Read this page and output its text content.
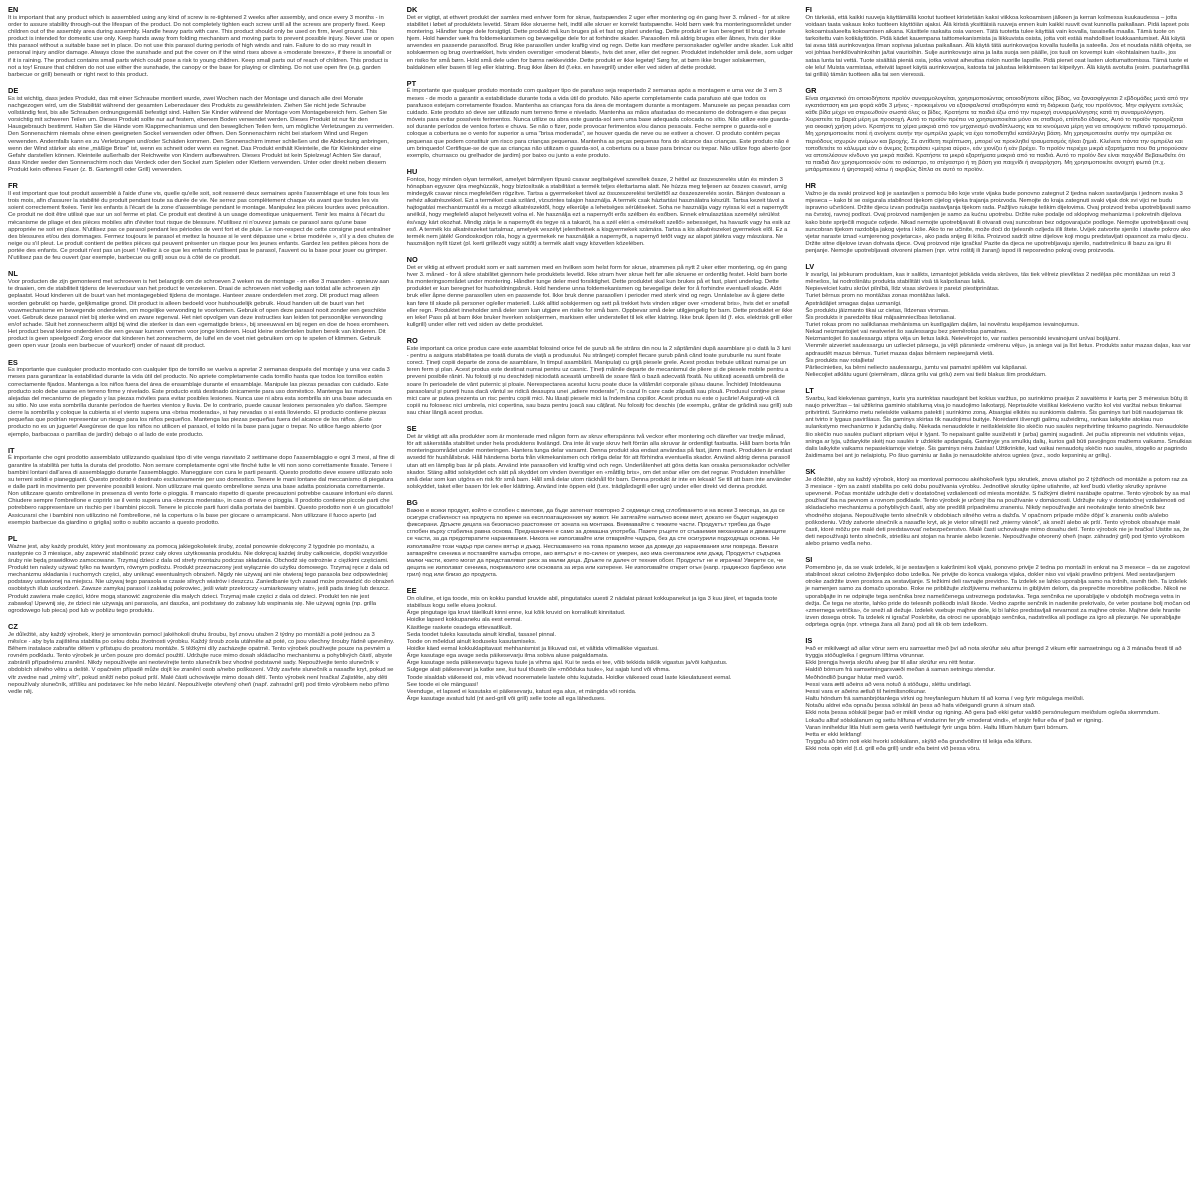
EN

It is important that any product which is assembled using any kind of screw is re-tightened 2 weeks after assembly, and once every 3 months - in order to assure stability through-out the lifespan of the product. Do not completely tighten each screw until all the screws are properly fixed. Keep children out of the assembly area during assembly. Handle heavy parts with care. This product should only be used on firm, level ground. This product is intended for domestic use only. Keep hands away from folding mechanism and moving parts to prevent possible injury. Never use or open this parasol without a suitable base set in place. Do not use this parasol during periods of high winds and rain. Failure to do so may result in personal injury and/or damage. Always close the sunshade and put the cover on if the wind rises above a «moderate breeze», if there is snowfall or if it is raining. The product contains small parts which could pose a risk to young children. Keep small parts out of reach of children. This product is not a toy! Ensure that children do not use either the sunshade, the canopy or the base for playing or climbing. Do not use open fire (e.g. garden barbecue or grill) beneath or right next to this product.

DE

Es ist wichtig, dass jedes Produkt, das mit einer Schraube montiert wurde, zwei Wochen nach der Montage und danach alle drei Monate nachgezogen wird, um die Stabilität während der gesamten Lebensdauer des Produkts zu gewährleisten. Ziehen Sie nicht jede Schraube vollständig fest, bis alle Schrauben ordnungsgemäß befestigt sind. Halten Sie Kinder während der Montage vom Montagebereich fern. Gehen Sie vorsichtig mit schweren Teilen um. Dieses Produkt sollte nur auf festem, ebenem Boden verwendet werden. Dieses Produkt ist nur für den Hausgebrauch bestimmt. Halten Sie die Hände vom Klappmechanismus und den beweglichen Teilen fern, um mögliche Verletzungen zu vermeiden. Den Sonnenschirm niemals ohne einen geeigneten Sockel verwenden oder öffnen. Den Sonnenschirm nicht bei starkem Wind und Regen verwenden. Andernfalls kann es zu Verletzungen und/oder Schäden kommen. Den Sonnenschirm immer schließen und die Abdeckung anbringen, wenn der Wind stärker als eine „mäßige Brise" ist, wenn es schneit oder wenn es regnet. Das Produkt enthält Kleinteile, die für Kleinkinder eine Gefahr darstellen können. Kleinteile außerhalb der Reichweite von Kindern aufbewahren. Dieses Produkt ist kein Spielzeug! Achten Sie darauf, dass Kinder weder den Sonnenschirm noch das Verdeck oder den Sockel zum Spielen oder Klettern verwenden. Unter oder direkt neben diesem Produkt kein offenes Feuer (z. B. Gartengrill oder Grill) verwenden.

FR

Il est important que tout produit assemblé à l'aide d'une vis, quelle qu'elle soit, soit resserré deux semaines après l'assemblage et une fois tous les trois mois, afin d'assurer la stabilité du produit pendant toute sa durée de vie. Ne serrez pas complètement chaque vis avant que toutes les vis soient correctement fixées. Tenir les enfants à l'écart de la zone d'assemblage pendant le montage. Manipulez les pièces lourdes avec précaution. Ce produit ne doit être utilisé que sur un sol ferme et plat. Ce produit est destiné à un usage domestique uniquement. Tenir les mains à l'écart du mécanisme de pliage et des pièces mobiles afin d'éviter tout risque de blessure. N'utilisez ni n'ouvrez jamais ce parasol sans qu'une base appropriée ne soit en place. N'utilisez pas ce parasol pendant les périodes de vent fort et de pluie. Le non-respect de cette consigne peut entraîner des blessures et/ou des dommages. Fermez toujours le parasol et mettez la housse si le vent dépasse une « brise modérée », s'il y a des chutes de neige ou s'il pleut. Le produit contient de petites pièces qui peuvent présenter un risque pour les jeunes enfants. Gardez les petites pièces hors de portée des enfants. Ce produit n'est pas un jouet ! Veillez à ce que les enfants n'utilisent pas le parasol, l'auvent ou la base pour jouer ou grimper. N'utilisez pas de feu ouvert (par exemple, barbecue ou grill) sous ou à côté de ce produit.

NL

Voor producten die zijn gemonteerd met schroeven is het belangrijk om de schroeven 2 weken na de montage - en elke 3 maanden - opnieuw aan te draaien, om de stabiliteit tijdens de levensduur van het product te verzekeren. Draai de schroeven niet volledig aan totdat alle schroeven zijn geplaatst. Houd kinderen uit de buurt van het montagegebied tijdens de montage. Hanteer zware onderdelen met zorg. Dit product mag alleen worden gebruikt op harde, gelijkmatige grond. Dit product is alleen bedoeld voor huishoudelijk gebruik. Houd handen uit de buurt van het vouwmechanisme en bewegende onderdelen, om mogelijke verwonding te voorkomen. Gebruik of open deze parasol nooit zonder een geschikte voet. Gebruik deze parasol niet bij sterke wind en zware regenval. Het niet opvolgen van deze instructies kan leiden tot persoonlijke verwonding en/of schade. Sluit het zonnescherm altijd bij wind die sterker is dan een «gematigde bries», bij sneeuwval en bij regen en doe de hoes eromheen. Het product bevat kleine onderdelen die een gevaar kunnen vormen voor jonge kinderen. Houd kleine onderdelen buiten bereik van kinderen. Dit product is geen speelgoed! Zorg ervoor dat kinderen het zonnescherm, de luifel en de voet niet gebruiken om op te spelen of klimmen. Gebruik geen open vuur (zoals een barbecue of vuurkorf) onder of naast dit product.

ES

Es importante que cualquier producto montado con cualquier tipo de tornillo se vuelva a apretar 2 semanas después del montaje y una vez cada 3 meses para garantizar la estabilidad durante la vida útil del producto. No apriete completamente cada tornillo hasta que todos los tornillos estén correctamente fijados. Mantenga a los niños fuera del área de ensamblaje durante el ensamblaje. Manipule las piezas pesadas con cuidado. Este producto solo debe usarse en terreno firme y nivelado. Este producto está destinado únicamente para uso doméstico. Mantenga las manos alejadas del mecanismo de plegado y las piezas móviles para evitar posibles lesiones. Nunca use ni abra esta sombrilla sin una base adecuada en su sitio. No use esta sombrilla durante períodos de fuertes vientos y lluvia. De lo contrario, puede causar lesiones personales y/o daños. Siempre cierre la sombrilla y coloque la cubierta si el viento supera una «brisa moderada», si hay nevadas o si está lloviendo. El producto contiene piezas pequeñas que podrían representar un riesgo para los niños pequeños. Mantenga las piezas pequeñas fuera del alcance de los niños. ¡Este producto no es un juguete! Asegúrese de que los niños no utilicen el parasol, el toldo ni la base para jugar o trepar. No utilice fuego abierto (por ejemplo, barbacoas o parrillas de jardín) debajo o al lado de este producto.

IT

È importante che ogni prodotto assemblato utilizzando qualsiasi tipo di vite venga riavvitato 2 settimane dopo l'assemblaggio e ogni 3 mesi, al fine di garantire la stabilità per tutta la durata del prodotto. Non serrare completamente ogni vite finché tutte le viti non sono correttamente fissate. Tenere i bambini lontani dall'area di assemblaggio durante l'assemblaggio. Maneggiare con cura le parti pesanti. Questo prodotto deve essere utilizzato solo su terreni solidi e pianeggianti. Questo prodotto è destinato esclusivamente per uso domestico. Tenere le mani lontane dal meccanismo di piegatura e dalle parti in movimento per prevenire possibili lesioni. Non utilizzare mai questo ombrellone senza una base adatta posizionata correttamente. Non utilizzare questo ombrellone in presenza di vento forte o pioggia. Il mancato rispetto di queste precauzioni potrebbe causare infortuni e/o danni. Chiudere sempre l'ombrellone e coprirlo se il vento supera una «brezza moderata», in caso di neve o pioggia. Il prodotto contiene piccole parti che potrebbero rappresentare un rischio per i bambini piccoli. Tenere le piccole parti fuori dalla portata dei bambini. Questo prodotto non è un giocattolo! Assicurarsi che i bambini non utilizzino né l'ombrellone, né la copertura o la base per giocare o arrampicarsi. Non utilizzare il fuoco aperto (ad esempio barbecue da giardino o griglia) sotto o subito accanto a questo prodotto.

PL

Ważne jest, aby każdy produkt, który jest montowany za pomocą jakiegokolwiek śruby, został ponownie dokręcony 2 tygodnie po montażu, a następnie co 3 miesiące, aby zapewnić stabilność przez cały okres użytkowania produktu. Nie dokręcaj każdej śruby całkowicie, dopóki wszystkie śruby nie będą prawidłowo zamocowane. Trzymaj dzieci z dala od strefy montażu podczas składania. Obchodź się ostrożnie z ciężkimi częściami. Produkt ten należy używać tylko na twardym, równym podłożu. Produkt przeznaczony jest wyłącznie do użytku domowego. Trzymaj ręce z dala od mechanizmu składania i ruchomych części, aby uniknąć ewentualnych obrażeń. Nigdy nie używaj ani nie otwieraj tego parasola bez odpowiedniej podstawy ustawionej na miejscu. Nie używaj tego parasola w czasie silnych wiatrów i deszczu. Zaniedbanie tych zasad może prowadzić do obrażeń osobistych i/lub uszkodzeń. Zawsze zamykaj parasol i zakładaj pokrowiec, jeśli wiatr przekroczy «umiarkowany wiatr», jeśli pada śnieg lub deszcz. Produkt zawiera małe części, które mogą stanowić zagrożenie dla małych dzieci. Trzymaj małe części z dala od dzieci. Produkt ten nie jest zabawką! Upewnij się, że dzieci nie używają ani parasola, ani daszka, ani podstawy do zabawy lub wspinania się. Nie używaj ognia (np. grilla ogrodowego lub pieca) pod lub w pobliżu tego produktu.

CZ

Je důležité, aby každý výrobek, který je smontován pomocí jakéhokoli druhu šroubu, byl znovu utažen 2 týdny po montáži a poté jednou za 3 měsíce - aby byla zajištěna stabilita po celou dobu životnosti výrobku. Každý šroub zcela utáhněte až poté, co jsou všechny šrouby řádně upevněny. Během instalace zabraňte dětem v přístupu do prostoru montáže. S těžkými díly zacházejte opatrně. Tento výrobek používejte pouze na pevném a rovném podkladu. Tento výrobek je určen pouze pro domácí použití. Udržujte ruce mimo dosah skládacího mechanismu a pohyblivých částí, abyste zabránili případnému zranění. Nikdy nepoužívejte ani neotevírejte tento slunečník bez vhodné podstavné sady. Nepoužívejte tento slunečník v obdobích silného větru a deště. V opačném případě může dojít ke zranění osob a/nebo poškození. Vždy zavřete slunečník a nasaďte kryt, pokud se vítr zvedne nad „mírný vítr", pokud sněží nebo pokud prší. Malé části uchovávejte mimo dosah dětí. Tento výrobek není hračka! Zajistěte, aby děti nepoužívaly slunečník, stříšku ani podstavec ke hře nebo lézání. Nepoužívejte otevřený oheň (např. zahradní gril) pod tímto výrobkem nebo přímo vedle něj.

DK

Det er vigtigt, at ethvert produkt der samles med enhver form for skrue, fastspændes 2 uger efter montering og én gang hver 3. måned - for at sikre stabilitet i løbet af produktets levetid. Stram ikke skruerne helt, indtil alle skruer er korrekt fastspændte. Hold børn væk fra monteringsområdet under montering. Håndter tunge dele forsigtigt. Dette produkt må kun bruges på et fast og plant underlag. Dette produkt er kun beregnet til brug i private hjem. Hold hænder væk fra foldemekanismen og bevægelige dele for at forhindre skader. Parasollen må aldrig bruges eller åbnes, hvis der ikke anvendes en passende parasolfod. Brug ikke parasollen under kraftig vind og regn. Dette kan medføre personskader og/eller andre skader. Luk altid solskærmen og brug overtrækket, hvis vinden overstiger «moderat blæst», hvis det sner, eller det regner. Produktet indeholder små dele, som udgør en risiko for små børn. Hold små dele uden for børns rækkevidde. Dette produkt er ikke legetøj! Sørg for, at børn ikke bruger solskærmen, baldakinen eller basen til leg eller klatring. Brug ikke åben ild (f.eks. en havegrill) under eller ved siden af dette produkt.

PT

É importante que qualquer produto montado com qualquer tipo de parafuso seja reapertado 2 semanas após a montagem e uma vez de 3 em 3 meses - de modo a garantir a estabilidade durante toda a vida útil do produto. Não aperte completamente cada parafuso até que todos os parafusos estejam corretamente fixados. Mantenha as crianças fora da área de montagem durante a montagem. Manuseie as peças pesadas com cuidado. Este produto só deve ser utilizado num terreno firme e nivelado. Mantenha as mãos afastadas do mecanismo de dobragem e das peças móveis para evitar possíveis ferimentos. Nunca utilize ou abra este guarda-sol sem uma base adequada colocada no sítio. Não utilize este guarda-sol durante períodos de ventos fortes e chuva. Se não o fizer, pode provocar ferimentos e/ou danos pessoais. Feche sempre o guarda-sol e coloque a cobertura se o vento for superior a uma "brisa moderada", se houver queda de neve ou se estiver a chover. O produto contém peças pequenas que podem constituir um risco para crianças pequenas. Mantenha as peças pequenas fora do alcance das crianças. Este produto não é um brinquedo! Certifique-se de que as crianças não utilizam o guarda-sol, a cobertura ou a base para brincar ou trepar. Não utilize fogo aberto (por exemplo, churrasco ou grelhador de jardim) por baixo ou junto a este produto.

HU

Fontos, hogy minden olyan terméket, amelyet bármilyen típusú csavar segítségével szereltek össze, 2 héttel az összeszerelés után és minden 3 hónapban egyszer újra meghúzzák, hogy biztosítsák a stabilitást a termék teljes élettartama alatt. Ne húzza meg teljesen az összes csavart, amíg mindegyik csavar nincs megfelelően rögzítve. Tartsa a gyermekeket távol az összeszerelési területtől az összeszerelés során. Bánjon óvatosan a nehéz alkatrészekkel. Ezt a terméket csak szilárd, vízszintes talajon használja. A termék csak háztartási használatra készült. Tartsa kezeit távol a hajtogatási mechanizmustól és a mozgó alkatrészektől, hogy elkerülje a lehetséges sérüléseket. Soha ne használja vagy nyissa ki ezt a napernyőt anélkül, hogy megfelelő alapot helyezett volna el. Ne használja ezt a napernyőt erős szélben és esőben. Ennek elmulasztása személyi sérülést és/vagy kárt okozhat. Mindig zárja le a napernyőt és tegye rá a takarót, ha a szél eléri a «mérsékelt szellő» sebességet, ha havazik vagy ha esik az eső. A termék kis alkatrészeket tartalmaz, amelyek veszélyt jelenthetnek a kisgyermekek számára. Tartsa a kis alkatrészeket gyermekek elől. Ez a termék nem játék! Gondoskodjon róla, hogy a gyermekek ne használják a napernyőt, a napernyő tetőt vagy az alapot játékra vagy mászásra. Ne használjon nyílt tüzet (pl. kerti grillezőt vagy sütőt) a termék alatt vagy közvetlen közelében.

NO

Det er viktig at ethvert produkt som er satt sammen med en hvilken som helst form for skrue, strammes på nytt 2 uker etter montering, og én gang hver 3. måned - for å sikre stabilitet gjennom hele produktets levetid. Ikke stram hver skrue helt før alle skruene er ordentlig festet. Hold barn borte fra monteringsområdet under montering. Håndter tunge deler med forsiktighet. Dette produktet skal kun brukes på et fast, plant underlag. Dette produktet er kun beregnet for husholdningsbruk. Hold hendene unna foldemekanismen og bevegelige deler for å forhindre eventuell skade. Aldri bruk eller åpne denne parasollen uten en passende fot. Ikke bruk denne parasollen i perioder med sterk vind og regn. Unnlatelse av å gjøre dette kan føre til skade på personer og/eller materiell. Lukk alltid solskjermen og sett på trekket hvis vinden stiger over «moderat bris», hvis det er snøfall eller regn. Produktet inneholder små deler som kan utgjøre en risiko for små barn. Oppbevar små deler utilgjengelig for barn. Dette produktet er ikke en leke! Pass på at barn ikke bruker hverken solskjermen, markisen eller understellet til lek eller klatring. Ikke bruk åpen ild (f. eks. elektrisk grill eller kullgrill) under eller rett ved siden av dette produktet.

RO

Este important ca orice produs care este asamblat folosind orice fel de șurub să fie strâns din nou la 2 săptămâni după asamblare și o dată la 3 luni - pentru a asigura stabilitatea pe toată durata de viață a produsului. Nu strângeți complet fiecare șurub până când toate șuruburile nu sunt fixate corect. Țineți copiii departe de zona de asamblare, în timpul asamblării. Manipulați cu grijă piesele grele. Acest produs trebuie utilizat numai pe un teren ferm și plan. Acest produs este destinat numai pentru uz casnic. Țineți mâinile departe de mecanismul de pliere și de piesele mobile pentru a preveni posibile răniri. Nu folosiți și nu deschideți niciodată această umbrelă de soare fără o bază adecvată fixată. Nu utilizați această umbrelă de soare în perioadele de vânt puternic și ploaie. Nerespectarea acestui lucru poate duce la vătămări corporale și/sau daune. Închideți întotdeauna parasolarul și puneți husa dacă vântul se ridică deasupra unei „adiere moderate", în cazul în care cade zăpadă sau plouă. Produsul conține piese mici care ar putea prezenta un risc pentru copiii mici. Nu lăsați piesele mici la îndemâna copiilor. Acest produs nu este o jucărie! Asigurați-vă că copiii nu folosesc nici umbrela, nici copertina, sau baza pentru joacă sau cățărat. Nu folosiți foc deschis (de exemplu, grătar de grădină sau grill) sub sau chiar lângă acest produs.

SE

Det är viktigt att alla produkter som är monterade med någon form av skruv efterspänns två veckor efter montering och därefter var tredje månad, för att säkerställa stabilitet under hela produktens livslängd. Dra inte åt varje skruv helt förrän alla skruvar är ordentligt fastsatta. Håll barn borta från monteringsområdet under monteringen. Hantera tunga delar varsamt. Denna produkt ska endast användas på fast, jämn mark. Produkten är endast avsedd för hushållsbruk. Håll händerna borta från vikmekanismen och rörliga delar för att förhindra eventuella skador. Använd aldrig denna parasoll utan att en lämplig bas är på plats. Använd inte parasollen vid kraftig vind och regn. Underlåtenhet att göra detta kan orsaka personskador och/eller skador. Stäng alltid solskyddet och sätt på skyddet om vinden överstiger en «måttlig bris», om det snöar eller om det regnar. Produkten innehåller små delar som kan utgöra en risk för små barn. Håll små delar utom räckhåll för barn. Denna produkt är inte en leksak! Se till att barn inte använder solskyddet, taket eller basen för lek eller klättring. Använd inte öppen eld (t.ex. trädgårdsgrill eller ugn) under eller direkt vid denna produkt.

BG

Важно е всеки продукт, който е сглобен с винтове, да бъде затегнат повторно 2 седмици след сглобяването и на всеки 3 месеца, за да се осигури стабилност на продукта по време на експлоатационния му живот. Не затягайте напълно всеки винт, докато не бъдат надеждно фиксирани. Дръжте децата на безопасно разстояние от зоната на монтажа. Внимавайте с тежките части. Продуктът трябва да бъде сглобен върху стабилна равна основа. Предназначен е само за домашна употреба. Пазете ръцете от сгъваемия механизъм и движещите се части, за да предотвратите наранявания. Никога не използвайте или отваряйте чадъра, без да сте осигурили подходяща основа. Не използвайте този чадър при силен вятър и дъжд. Неспазването на това правило може да доведе до наранявания или повреда. Винаги затваряйте сенника и поставяйте калъфа отгоре, ако вятърът е по-силен от умерен, ако има снеговалеж или дъжд. Продуктът съдържа малки части, които могат да представляват риск за малки деца. Дръжте ги далеч от техния обсег. Продуктът не е играчка! Уверете се, че децата не използват сенника, покривалото или основата за игра или катерене. Не използвайте открит огън (напр. градинско барбекю или грил) под или близо до продукта.

EE

On oluline, et iga toode, mis on kokku pandud kruvide abil, pingutataks uuesti 2 nädalat pärast kokkupanekut ja iga 3 kuu järel, et tagada toote stabiilsus kogu selle eluea jooksul.

Ärge pingutage iga kruvi täielikult kinni enne, kui kõik kruvid on korralikult kinnitatud.

Hoidke lapsed kokkupaneku ala eest eemal.

Käsitlege raskete osadega ettevaatlikult.

Seda toodet tuleks kasutada ainult kindlal, tasasel pinnal.

Toode on mõeldud ainult koduseks kasutamiseks.

Hoidke käed eemal kokkuklapitavast mehhanismist ja liikuvad osi, et vältida võimalikke vigastusi.

Ärge kasutage ega avage seda päikesevarju ilma sobiva aluse paigaldamata.

Ärge kasutage seda päikesevarju tugeva tuule ja vihma ajal. Kui te seda ei tee, võib tekkida isiklik vigastus ja/või kahjustus.

Sulgege alati päikesevari ja katke see, kui tuul tõuseb üle «mõõduka tuule», kui sajab lund või vihma.

Toode sisaldab väikeseid osi, mis võivad noorematele lastele ohtu kujutada. Hoidke väikesed osad laste käeulatusest eemal.

See toode ei ole mänguasi!

Veenduge, et lapsed ei kasutaks ei päikesevarju, katust ega alus, et mängida või ronida.

Ärge kasutage avatud tuld (nt aed-grill või grill) selle toote all ega läheduses.

FI

On tärkeää, että kaikki ruuveja käyttämällä kootut tuotteet kiristetään kaksi viikkoa kokoamisen jälkeen ja kerran kolmessa kuukaudessa – jotta voidaan taata vakaus koko tuotteen käyttöiän ajaksi. Älä kiristä yksittäisiä ruuveja ennen kuin kaikki ruuvit ovat kunnolla paikallaan. Pidä lapset pois kokoamisalueelta kokoamisen aikana. Käsittele raskaita osia varoen. Tätä tuotetta tulee käyttää vain kovalla, tasaisella maalla. Tämä tuote on tarkoitettu vain kotikäyttöön. Pidä kädet kauempana taittomekanismista ja liikkuvista osista, jotta voit estää mahdolliset loukkaantumiset. Älä käytä tai avaa tätä aurinkovarjoa ilman sopivaa jalustaa paikallaan. Älä käytä tätä aurinkovarjoa kovalla tuulella ja sateella. Jos et noudata näitä ohjeita, se voi johtaa henkilövahinkoihin ja/tai vaurioihin. Sulje aurinkovarjo aina ja laita suoja sen päälle, jos tuuli on kovempi kuin «kohtalainen tuuli», jos sataa lunta tai vettä. Tuote sisältää pieniä osia, jotka voivat aiheuttaa riskin nuorille lapsille. Pidä pienet osat lasten ulottumattomissa. Tämä tuote ei ole lelu! Muista varmistaa, etteivät lapset käytä aurinkovarjoa, katosta tai jalustaa leikkimiseen tai kiipeilyyn. Älä käytä avotulta (esim. puutarhagrilliä tai grilliä) tämän tuotteen alla tai sen vieressä.

GR

Είναι σημαντικό ότι οποιοδήποτε προϊόν συναρμολογείται, χρησιμοποιώντας οποιοδήποτε είδος βίδας, να ξανασφίγγεται 2 εβδομάδες μετά από την εγκατάσταση και μια φορά κάθε 3 μήνες - προκειμένου να εξασφαλιστεί σταθερότητα κατά τη διάρκεια ζωής του προϊόντος. Μην σφίγγετε εντελώς κάθε βίδα μέχρι να στερεωθούν σωστά όλες οι βίδες. Κρατήστε τα παιδιά έξω από την περιοχή συναρμολόγησης κατά τη συναρμολόγηση. Χειριστείτε τα βαριά μέρη με προσοχή. Αυτό το προϊόν πρέπει να χρησιμοποιείται μόνο σε σταθερό, επίπεδο έδαφος. Αυτό το προϊόν προορίζεται για οικιακή χρήση μόνο. Κρατήστε τα χέρια μακριά από τον μηχανισμό αναδίπλωσης και τα κινούμενα μέρη για να αποφύγετε πιθανό τραυματισμό. Μη χρησιμοποιείτε ποτέ ή ανοίγετε αυτήν την ομπρέλα χωρίς να έχει τοποθετηθεί κατάλληλη βάση. Μη χρησιμοποιείτε αυτήν την ομπρέλα σε περιόδους ισχυρών ανέμων και βροχής. Σε αντίθετη περίπτωση, μπορεί να προκληθεί τραυματισμός ή/και ζημιά. Κλείνετε πάντα την ομπρέλα και τοποθετείτε το κάλυμμα εάν ο άνεμος ξεπεράσει «μέτρια αύρα», εάν χιονίζει ή εάν βρέχει. Το προϊόν περιέχει μικρά εξαρτήματα που θα μπορούσαν να αποτελέσουν κίνδυνο για μικρά παιδιά. Κρατήστε τα μικρά εξαρτήματα μακριά από τα παιδιά. Αυτό το προϊόν δεν είναι παιχνίδι! Βεβαιωθείτε ότι τα παιδιά δεν χρησιμοποιούν ούτε το σκίαστρο, το στέγαστρο ή τη βάση για παιχνίδι ή αναρρίχηση. Μη χρησιμοποιείτε ανοιχτή φωτιά (π.χ. μπάρμπεκιου ή ψησταριά) κάτω ή ακριβώς δίπλα σε αυτό το προϊόν.

HR

Važno je da svaki proizvod koji je sastavljen s pomoću bilo koje vrste vijaka bude ponovno zategnut 2 tjedna nakon sastavljanja i jednom svaka 3 mjeseca – kako bi se osigurala stabilnost tijekom cijelog vijeka trajanja proizvoda. Nemojte do kraja zategnuti svaki vijak dok svi vijci ne budu ispravno učvršćeni. Držite djecu izvan područja sastavljanja tijekom rada. Pažljivo rukujte teškim dijelovima. Ovaj proizvod treba upotrebljavati samo na čvrstoj, ravnoj podlozi. Ovaj proizvod namijenjen je samo za kućnu upotrebu. Držite ruke podalje od sklopivog mehanizma i pokretnih dijelova kako biste spriječili moguće ozljede. Nikad nemojte upotrebljavati ili otvarati ovaj suncobran bez odgovarajuće podloge. Nemojte upotrebljavati ovaj suncobran tijekom razdoblja jakog vjetra i kiše. Ako to ne učinite, može doći do tjelesnih ozljeda i/ili štete. Uvijek zatvorite sjenilo i stavite pokrov ako vjetar naraste iznad «umjerenog povjetarca», ako pada snijeg ili kiša. Proizvod sadrži sitne dijelove koji mogu predstavljati opasnost za malu djecu. Držite sitne dijelove izvan dohvata djece. Ovaj proizvod nije igračka! Pazite da djeca ne upotrebljavaju sjenilo, nadstrešnicu ili bazu za igru ili penjanje. Nemojte upotrebljavati otvoreni plamen (npr. vrtni roštilj ili žaranj) ispod ili neposredno pokraj ovog proizvoda.

LV

Ir svarīgi, lai jebkuram produktam, kas ir salikts, izmantojot jebkāda veida skrūves, tās tiek vēlreiz pievilktas 2 nedēļas pēc montāžas un reizi 3 mēnešos, lai nodrošinātu produkta stabilitāti visā tā kalpošanas laikā.

Nepievelciet katru skrūvi pilnībā, līdz visas skrūves ir pareizi piestiprinātas.

Turiet bērnus prom no montāžas zonas montāžas laikā.

Apstrādājiet smagas daļas uzmanīgi.

Šo produktu jāizmanto tikai uz cietas, līdzenas virsmas.

Šis produkts ir paredzēts tikai mājsaimniecības lietošanai.

Turiet rokas prom no salikšanas mehānisma un kustīgajām daļām, lai novērstu iespējamos ievainojumus.

Nekad neizmantojiet vai neatveriet šo saulessargu bez piemērotas pamatnes.

Neizmantojiet šo saulessargu stipra vēja un lietus laikā. Neievērojot to, var rasties personiski ievainojumi un/vai bojājumi.

Vienmēr aizveriet saulessargu un uzlieciet pārsegu, ja vējš pārsniedz «mērenu vēju», ja sniegs vai ja līst lietus. Produkts satur mazas daļas, kas var apdraudēt mazus bērnus. Turiet mazas daļas bērniem nepieejamā vietā.

Šis produkts nav rotaļlieta!

Pārliecinieties, ka bērni neliecto saulessargu, jumtu vai pamatni spēlēm vai kāpšanai.

Neliecojiet atklātu uguni (piemēram, dārza grilu vai grilu) zem vai tieši blakus šim produktam.

LT

Svarbu, kad kiekvienas gaminys, kuris yra surinktas naudojant bet kokius varžtus, po surinkimo praėjus 2 savaitėms ir kartą per 3 mėnesius būtų iš naujo priveržtas – tai užtikrina gaminio stabilumą visą jo naudojimo laikotarpį. Neprisukite visiškai kiekvieno varžto kol visi varžtai nebus tinkamai pritvirtinti. Surinkimo metu neleiskite vaikams patekti į surinkimo zoną. Atsargiai elkitės su sunkiomis dalimis. Šis gaminys turi būti naudojamas tik ant tvirto ir lygaus paviršiaus. Šis gaminys skirtas tik naudojimui buityje. Norėdami išvengti galimų sužeidimų, rankas laikykite atokiau nuo sulankstymo mechanizmo ir judančių dalių. Niekada nenaudokite ir neišskleiskite šio skėčio nuo saulės nepritvirtinę tinkamo pagrindo. Nenaudokite šio skėčio nuo saulės pučiant stipriam vėjui ir lyjant. To nepaisant galite susižeisti ir (arba) gaminį sugadinti. Jei pučia stipresnis nei vidutinis vėjas, sninga ar lyja, uždarykite skėtį nuo saulės ir uždėkite apdangalą. Gaminyje yra smulkių dalių, kurios gali būti pavojingos mažiems vaikams. Smulkias dalis laikykite vaikams nepasiekiamoje vietoje. Šis gaminys nėra žaislas! Užtikrinkite, kad vaikai nenaudotų skėčio nuo saulės, stogelio ar pagrindo žaidimams bei ant jo nelaipiotų. Po šiuo gaminiu ar šalia jo nenaudokite atviros ugnies (pvz., sodo kepsninių ar grilių).

SK

Je dôležité, aby sa každý výrobok, ktorý sa montoval pomocou akéhokoľvek typu skrutiek, znova utiahol po 2 týždňoch od montáže a potom raz za 3 mesiace - tým sa zaistí stabilita po celú dobu používania výrobku. Jednotlivé skrutky úplne utiahnite, až keď budú všetky skrutky správne upevnené. Počas montáže udržujte deti v dostatočnej vzdialenosti od miesta montáže. S ťažkými dielmi narábajte opatrne. Tento výrobok by sa mal používať iba na pevnom a rovnom podklade. Tento výrobok je určený iba na používanie v domácnosti. Udržujte ruky v dostatočnej vzdialenosti od skladacieho mechanizmu a pohyblivých častí, aby ste predišli prípadnému zraneniu. Nikdy nepoužívajte ani neotvárajte tento slnečník bez vhodného stojana. Nepoužívajte tento slnečník v obdobiach silného vetra a dažďa. V opačnom prípade môže dôjsť k zraneniu osôb a/alebo poškodeniu. Vždy zatvorte slnečník a nasaďte kryt, ak je vietor silnejší než „mierny vánok", ak sneží alebo ak prší. Tento výrobok obsahuje malé časti, ktoré môžu pre malé deti predstavovať nebezpečenstvo. Malé časti uchovávajte mimo dosahu detí. Tento výrobok nie je hračka! Uistite sa, že deti nepoužívajú tento slnečník, striešku ani stojan na hranie alebo lezenie. Nepoužívajte otvorený oheň (napr. záhradný gril) pod týmto výrobkom alebo priamo vedľa neho.

SI

Pomembno je, da se vsak izdelek, ki je sestavljen s kakršnimi koli vijaki, ponovno privije 2 tedna po montaži in enkrat na 3 mesece – da se zagotovi stabilnost skozi celotno življenjsko dobo izdelka. Ne privijte do konca vsakega vijaka, dokler niso vsi vijaki pravilno pritrjeni. Med sestavljanjem otroke zadržite izven prostora za sestavljanje. S težkimi deli ravnajte previdno. Ta izdelek se lahko uporablja samo na trdnih, ravnih tleh. Ta izdelek je namenjen samo za domačo uporabo. Roke ne približujte zložljivemu mehanizmu in gibljivim delom, da preprečite morebitne poškodbe. Nikoli ne uporabljajte in ne odpirajte tega senčnika brez nameščenega ustreznega podstavka. Tega senčnika ne uporabljajte v obdobjih močnega vetra in dežja. Če tega ne storite, lahko pride do telesnih poškodb in/ali škode. Vedno zaprite senčnik in nadenite prekrivalo, če veter postane bolj močan od «zmernega vetrička», če sneži ali dežuje. Izdelek vsebuje majhne dele, ki bi lahko predstavljali nevarnost za majhne otroke. Majhne dele hranite izven dosega otrok. Ta izdelek ni igrača! Poskrbite, da otroci ne uporabljajo senčnika, nadstreška ali podlage za igro ali plezanje. Ne uporabljajte odprtega ognja (npr. vrtnega žara ali žara) pod ali tik ob tem izdelkom.

IS

Það er mikilvægt að allar vörur sem eru samsettar með því að nota skrúfur séu aftur þrengd 2 vikum eftir samsetningu og á 3 mánaða fresti til að tryggja stöðugleika í gegnum líftíma vörunnar.

Ekki þrengja hverja skrúfu alveg þar til allar skrúfur eru rétt festar.

Haldið börnum frá samsetningarsvæði meðan á saman setningu stendur.

Meðhöndlið þungar hlutar með varúð.

Þessi vara ætti aðeins að vera notuð á stöðugu, sléttu undirlagi.

Þessi vara er aðeins ætluð til heimilisnotkunar.

Haltu höndum frá samanbrjótanlega virkni og hreyfanlegum hlutum til að koma í veg fyrir mögulega meiðsli.

Notaðu aldrei eða opnaðu þessa sólskál án þess að hafa viðeigandi grunn á sínum stað.

Ekki nota þessa sólskál þegar það er mikill vindur og rigning. Að gera það ekki getur valdið persónulegum meiðslum og/eða skemmdum.

Lokaðu alltaf sólskálanum og settu hlífuna ef vindurinn fer yfir «moderat vindi», ef snjór fellur eða ef það er rigning.

Varan inniheldur litla hluti sem gæta verið hættulegir fyrir unga börn. Haltu litlum hlutum fjarri börnum.

Þetta er ekki leikfang!

Tryggðu að börn noti ekki hvorki sólskálann, skýlið eða grundvöllinn til leikja eða klifurs.

Ekki nota opin eld (t.d. grill eða grill) undir eða beint við þessa vöru.
